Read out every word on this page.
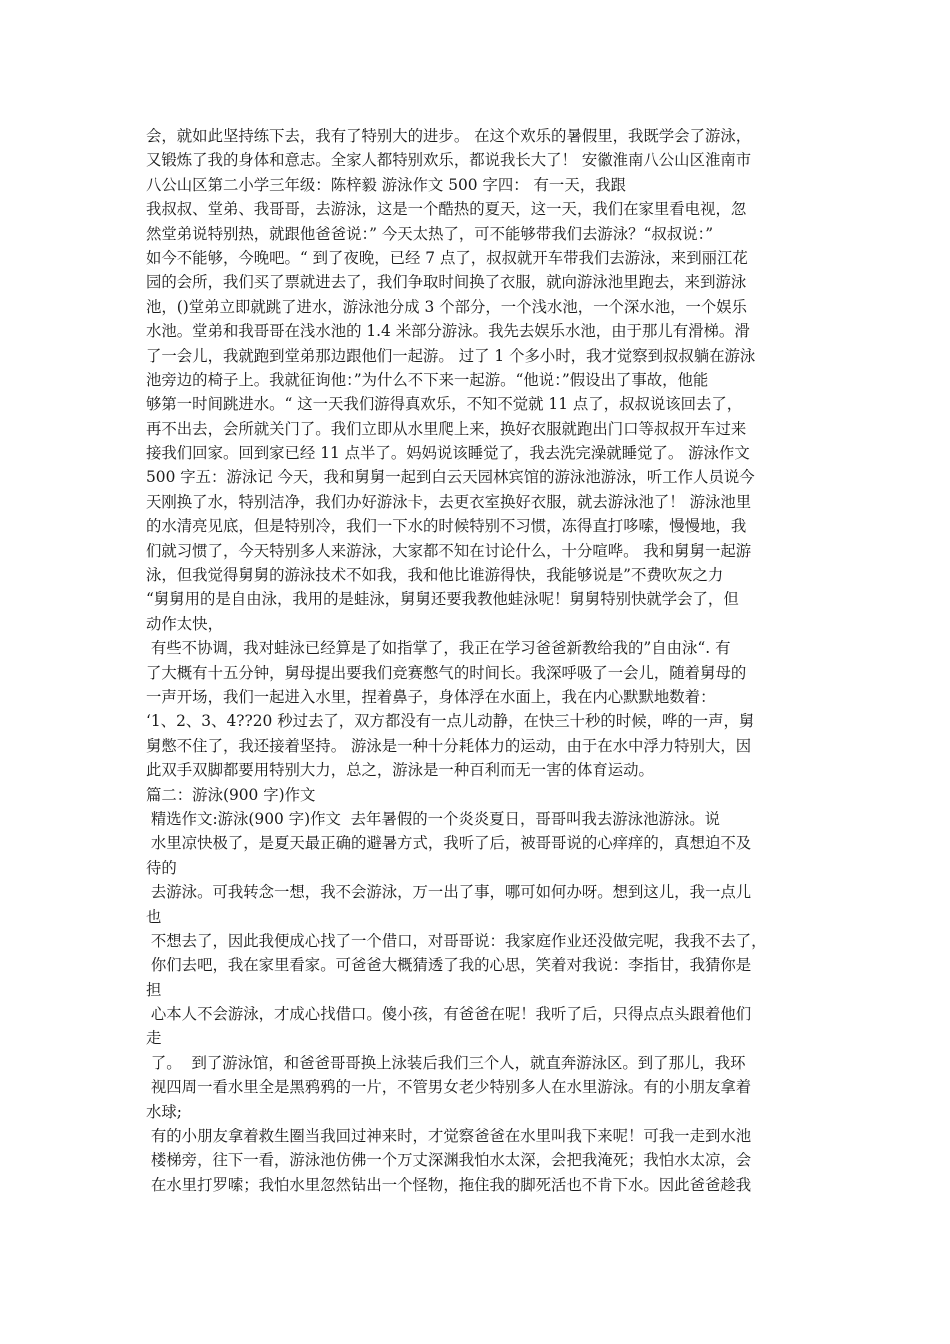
会，就如此坚持练下去，我有了特别大的进步。 在这个欢乐的暑假里，我既学会了游泳，
又锻炼了我的身体和意志。全家人都特别欢乐，都说我长大了！ 安徽淮南八公山区淮南市
八公山区第二小学三年级：陈梓毅 游泳作文 500 字四： 有一天，我跟
我叔叔、堂弟、我哥哥，去游泳，这是一个酷热的夏天，这一天，我们在家里看电视，忽
然堂弟说特别热，就跟他爸爸说：” 今天太热了，可不能够带我们去游泳？“叔叔说：”
如今不能够，今晚吧。“ 到了夜晚，已经 7 点了，叔叔就开车带我们去游泳，来到丽江花
园的会所，我们买了票就进去了，我们争取时间换了衣服，就向游泳池里跑去，来到游泳
池，()堂弟立即就跳了进水，游泳池分成 3 个部分，一个浅水池，一个深水池，一个娱乐
水池。堂弟和我哥哥在浅水池的 1.4 米部分游泳。我先去娱乐水池，由于那儿有滑梯。滑
了一会儿，我就跑到堂弟那边跟他们一起游。 过了 1 个多小时，我才觉察到叔叔躺在游泳
池旁边的椅子上。我就征询他：”为什么不下来一起游。“他说：”假设出了事故，他能
够第一时间跳进水。“ 这一天我们游得真欢乐，不知不觉就 11 点了，叔叔说该回去了，
再不出去，会所就关门了。我们立即从水里爬上来，换好衣服就跑出门口等叔叔开车过来
接我们回家。回到家已经 11 点半了。妈妈说该睡觉了，我去洗完澡就睡觉了。 游泳作文
500 字五：游泳记 今天，我和舅舅一起到白云天园林宾馆的游泳池游泳，听工作人员说今
天刚换了水，特别洁净，我们办好游泳卡，去更衣室换好衣服，就去游泳池了！ 游泳池里
的水清亮见底，但是特别冷，我们一下水的时候特别不习惯，冻得直打哆嗦，慢慢地，我
们就习惯了，今天特别多人来游泳，大家都不知在讨论什么，十分喧哗。 我和舅舅一起游
泳，但我觉得舅舅的游泳技术不如我，我和他比谁游得快，我能够说是”不费吹灰之力
“舅舅用的是自由泳，我用的是蛙泳，舅舅还要我教他蛙泳呢！舅舅特别快就学会了，但
动作太快，
有些不协调，我对蛙泳已经算是了如指掌了，我正在学习爸爸新教给我的”自由泳“. 有
了大概有十五分钟，舅母提出要我们竞赛憋气的时间长。我深呼吸了一会儿，随着舅母的
一声开场，我们一起进入水里，捏着鼻子，身体浮在水面上，我在内心默默地数着：
‘1、2、3、4??20 秒过去了，双方都没有一点儿动静，在快三十秒的时候，哗的一声，舅
舅憋不住了，我还接着坚持。 游泳是一种十分耗体力的运动，由于在水中浮力特别大，因
此双手双脚都要用特别大力，总之，游泳是一种百利而无一害的体育运动。
篇二：游泳(900 字)作文
精选作文:游泳(900 字)作文  去年暑假的一个炎炎夏日，哥哥叫我去游泳池游泳。说
水里凉快极了，是夏天最正确的避暑方式，我听了后，被哥哥说的心痒痒的，真想迫不及
待的
去游泳。可我转念一想，我不会游泳，万一出了事，哪可如何办呀。想到这儿，我一点儿
也
不想去了，因此我便成心找了一个借口，对哥哥说：我家庭作业还没做完呢，我我不去了，
你们去吧，我在家里看家。可爸爸大概猜透了我的心思，笑着对我说：李指甘，我猜你是
担
心本人不会游泳，才成心找借口。傻小孩，有爸爸在呢！我听了后，只得点点头跟着他们
走
了。  到了游泳馆，和爸爸哥哥换上泳装后我们三个人，就直奔游泳区。到了那儿，我环
视四周一看水里全是黑鸦鸦的一片，不管男女老少特别多人在水里游泳。有的小朋友拿着
水球;
有的小朋友拿着救生圈当我回过神来时，才觉察爸爸在水里叫我下来呢！可我一走到水池
楼梯旁，往下一看，游泳池仿佛一个万丈深渊我怕水太深，会把我淹死；我怕水太凉，会
在水里打罗嗦；我怕水里忽然钻出一个怪物，拖住我的脚死活也不肯下水。因此爸爸趁我
